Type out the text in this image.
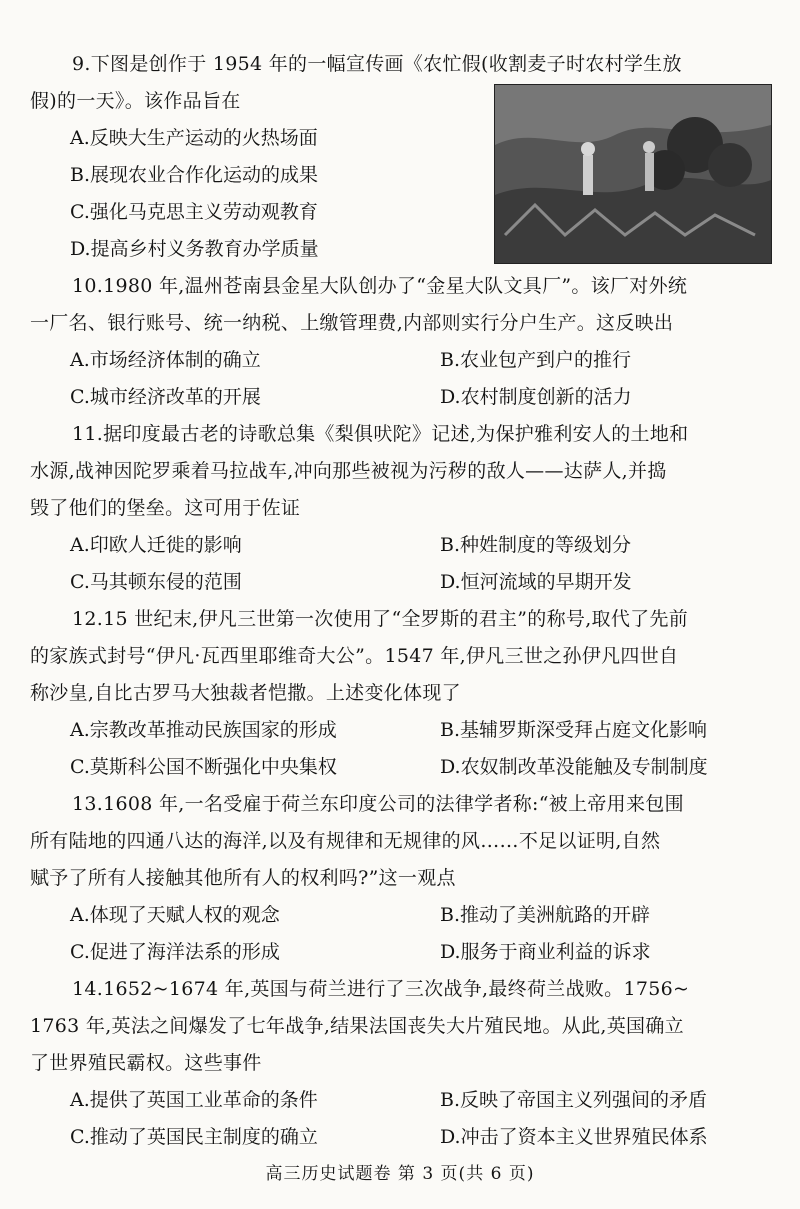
9.下图是创作于 1954 年的一幅宣传画《农忙假(收割麦子时农村学生放

假)的一天》。该作品旨在

A.反映大生产运动的火热场面
B.展现农业合作化运动的成果
C.强化马克思主义劳动观教育
D.提高乡村义务教育办学质量

10.1980 年,温州苍南县金星大队创办了“金星大队文具厂”。该厂对外统

一厂名、银行账号、统一纳税、上缴管理费,内部则实行分户生产。这反映出

A.市场经济体制的确立	B.农业包产到户的推行
C.城市经济改革的开展	D.农村制度创新的活力

11.据印度最古老的诗歌总集《梨俱吠陀》记述,为保护雅利安人的土地和

水源,战神因陀罗乘着马拉战车,冲向那些被视为污秽的敌人——达萨人,并捣

毁了他们的堡垒。这可用于佐证

A.印欧人迁徙的影响	B.种姓制度的等级划分
C.马其顿东侵的范围	D.恒河流域的早期开发

12.15 世纪末,伊凡三世第一次使用了“全罗斯的君主”的称号,取代了先前

的家族式封号“伊凡·瓦西里耶维奇大公”。1547 年,伊凡三世之孙伊凡四世自

称沙皇,自比古罗马大独裁者恺撒。上述变化体现了

A.宗教改革推动民族国家的形成	B.基辅罗斯深受拜占庭文化影响
C.莫斯科公国不断强化中央集权	D.农奴制改革没能触及专制制度

13.1608 年,一名受雇于荷兰东印度公司的法律学者称:“被上帝用来包围

所有陆地的四通八达的海洋,以及有规律和无规律的风……不足以证明,自然

赋予了所有人接触其他所有人的权利吗?”这一观点

A.体现了天赋人权的观念	B.推动了美洲航路的开辟
C.促进了海洋法系的形成	D.服务于商业利益的诉求

14.1652~1674 年,英国与荷兰进行了三次战争,最终荷兰战败。1756~

1763 年,英法之间爆发了七年战争,结果法国丧失大片殖民地。从此,英国确立

了世界殖民霸权。这些事件

A.提供了英国工业革命的条件	B.反映了帝国主义列强间的矛盾
C.推动了英国民主制度的确立	D.冲击了资本主义世界殖民体系
高三历史试题卷 第 3 页(共 6 页)
